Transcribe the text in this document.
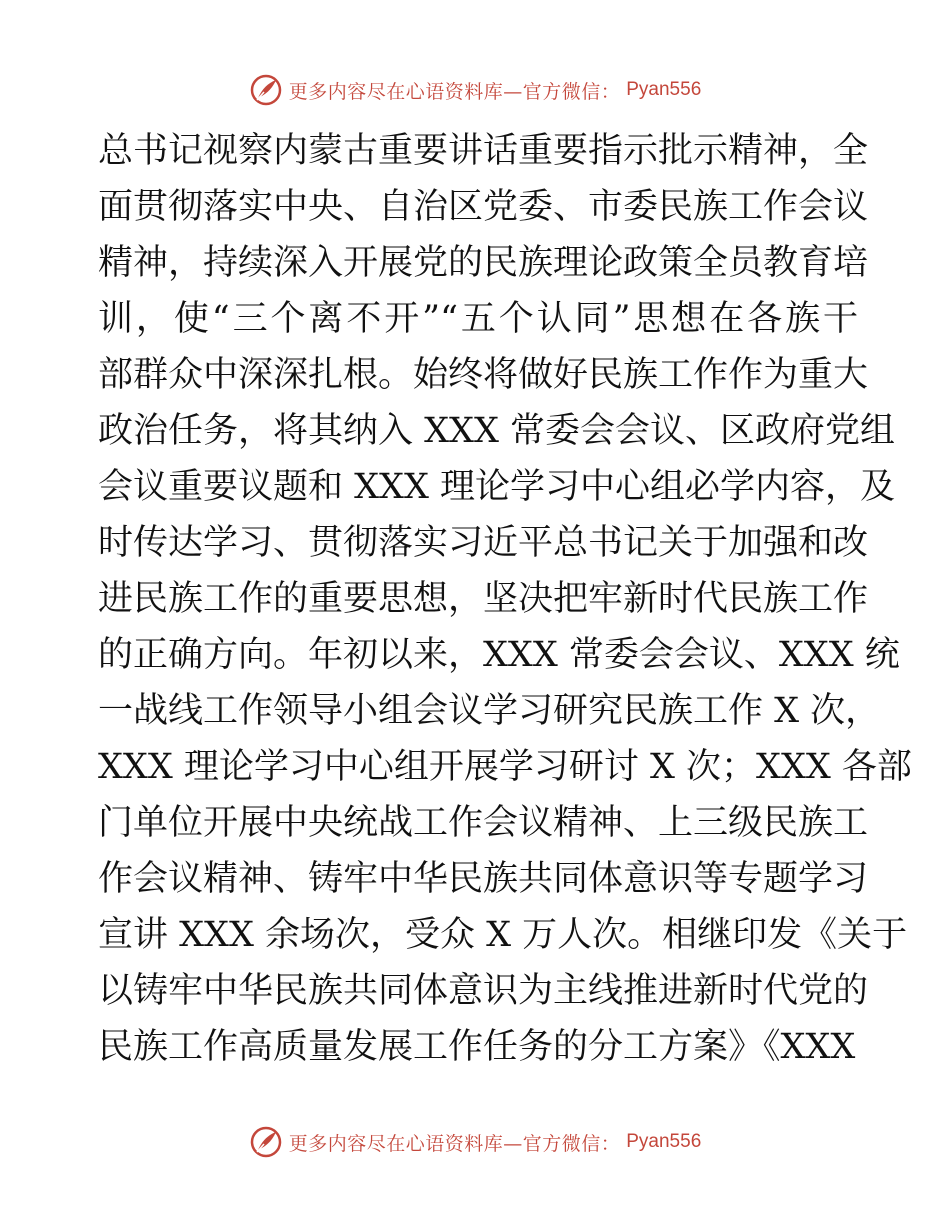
更多内容尽在心语资料库—官方微信： Pyan556
总书记视察内蒙古重要讲话重要指示批示精神，全
面贯彻落实中央、自治区党委、市委民族工作会议
精神，持续深入开展党的民族理论政策全员教育培
训，使“三个离不开”“五个认同”思想在各族干
部群众中深深扎根。始终将做好民族工作作为重大
政治任务，将其纳入 XXX 常委会会议、区政府党组
会议重要议题和 XXX 理论学习中心组必学内容，及
时传达学习、贯彻落实习近平总书记关于加强和改
进民族工作的重要思想，坚决把牢新时代民族工作
的正确方向。年初以来，XXX 常委会会议、XXX 统
一战线工作领导小组会议学习研究民族工作 X 次，
XXX 理论学习中心组开展学习研讨 X 次；XXX 各部
门单位开展中央统战工作会议精神、上三级民族工
作会议精神、铸牢中华民族共同体意识等专题学习
宣讲 XXX 余场次，受众 X 万人次。相继印发《关于
以铸牢中华民族共同体意识为主线推进新时代党的
民族工作高质量发展工作任务的分工方案》《XXX
更多内容尽在心语资料库—官方微信： Pyan556
